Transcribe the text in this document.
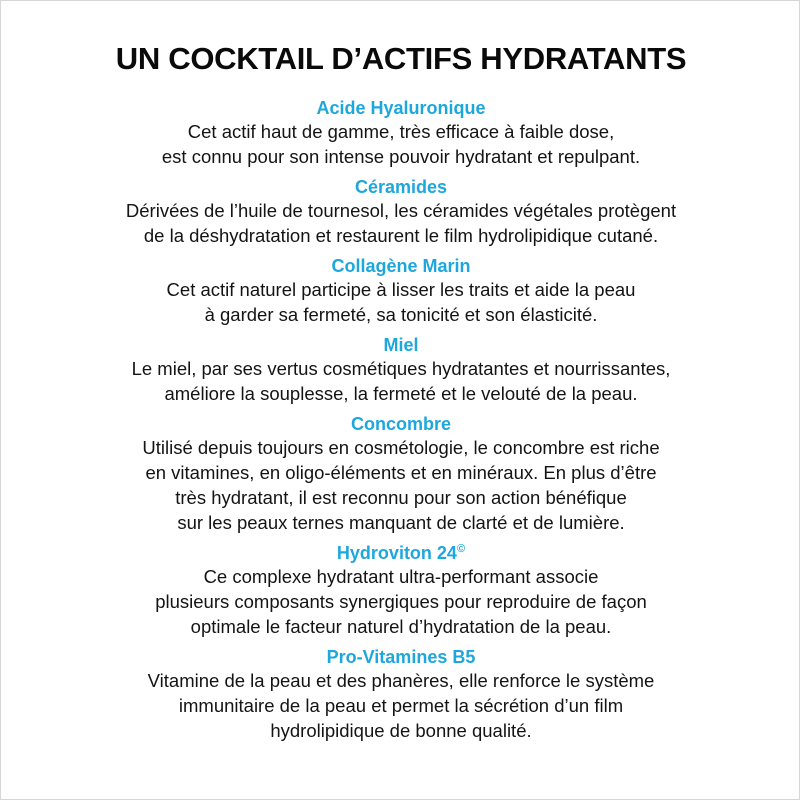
UN COCKTAIL D’ACTIFS HYDRATANTS
Acide Hyaluronique
Cet actif haut de gamme, très efficace à faible dose,
est connu pour son intense pouvoir hydratant et repulpant.
Céramides
Dérivées de l’huile de tournesol, les céramides végétales protègent
de la déshydratation et restaurent le film hydrolipidique cutané.
Collagène Marin
Cet actif naturel participe à lisser les traits et aide la peau
à garder sa fermeté, sa tonicité et son élasticité.
Miel
Le miel, par ses vertus cosmétiques hydratantes et nourrissantes,
améliore la souplesse, la fermeté et le velouté de la peau.
Concombre
Utilisé depuis toujours en cosmétologie, le concombre est riche
en vitamines, en oligo-éléments et en minéraux. En plus d’être
très hydratant, il est reconnu pour son action bénéfique
sur les peaux ternes manquant de clarté et de lumière.
Hydroviton 24©
Ce complexe hydratant ultra-performant associe
plusieurs composants synergiques pour reproduire de façon
optimale le facteur naturel d’hydratation de la peau.
Pro-Vitamines B5
Vitamine de la peau et des phanères, elle renforce le système
immunitaire de la peau et permet la sécrétion d’un film
hydrolipidique de bonne qualité.
